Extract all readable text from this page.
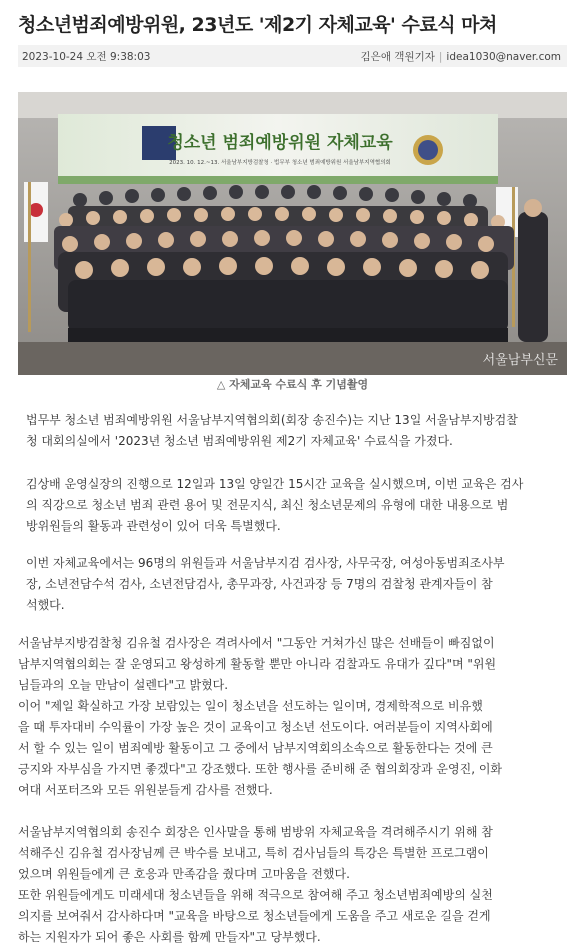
청소년범죄예방위원, 23년도 '제2기 자체교육' 수료식 마쳐
2023-10-24 오전 9:38:03	김은애 객원기자 | idea1030@naver.com
청소년 범죄예방위원 자체교육
2023. 10. 12.~13. 서울남부지방검찰청 · 법무부 청소년 범죄예방위원 서울남부지역협의회
서울남부신문
△ 자체교육 수료식 후 기념촬영
법무부 청소년 범죄예방위원 서울남부지역협의회(회장 송진수)는 지난 13일 서울남부지방검찰
청 대회의실에서 '2023년 청소년 범죄예방위원 제2기 자체교육' 수료식을 가졌다.
김상배 운영실장의 진행으로 12일과 13일 양일간 15시간 교육을 실시했으며, 이번 교육은 검사
의 직강으로 청소년 범죄 관련 용어 및 전문지식, 최신 청소년문제의 유형에 대한 내용으로 범
방위원들의 활동과 관련성이 있어 더욱 특별했다.
이번 자체교육에서는 96명의 위원들과 서울남부지검 검사장, 사무국장, 여성아동범죄조사부
장, 소년전담수석 검사, 소년전담검사, 총무과장, 사건과장 등 7명의 검찰청 관계자들이 참
석했다.
서울남부지방검찰청 김유철 검사장은 격려사에서 "그동안 거쳐가신 많은 선배들이 빠짐없이
남부지역협의회는 잘 운영되고 왕성하게 활동할 뿐만 아니라 검찰과도 유대가 깊다"며 "위원
님들과의 오늘 만남이 설렌다"고 밝혔다.
이어 "제일 확실하고 가장 보람있는 일이 청소년을 선도하는 일이며, 경제학적으로 비유했
을 때 투자대비 수익률이 가장 높은 것이 교육이고 청소년 선도이다. 여러분들이 지역사회에
서 할 수 있는 일이 범죄예방 활동이고 그 중에서 남부지역회의소속으로 활동한다는 것에 큰
긍지와 자부심을 가지면 좋겠다"고 강조했다. 또한 행사를 준비해 준 협의회장과 운영진, 이화
여대 서포터즈와 모든 위원분들게 감사를 전했다.
서울남부지역협의회 송진수 회장은 인사말을 통해 범방위 자체교육을 격려해주시기 위해 참
석해주신 김유철 검사장님께 큰 박수를 보내고, 특히 검사님들의 특강은 특별한 프로그램이
었으며 위원들에게 큰 호응과 만족감을 줬다며 고마움을 전했다.
또한 위원들에게도 미래세대 청소년들을 위해 적극으로 참여해 주고 청소년범죄예방의 실천
의지를 보여줘서 감사하다며 "교육을 바탕으로 청소년들에게 도움을 주고 새로운 길을 걷게
하는 지원자가 되어 좋은 사회를 함께 만들자"고 당부했다.
